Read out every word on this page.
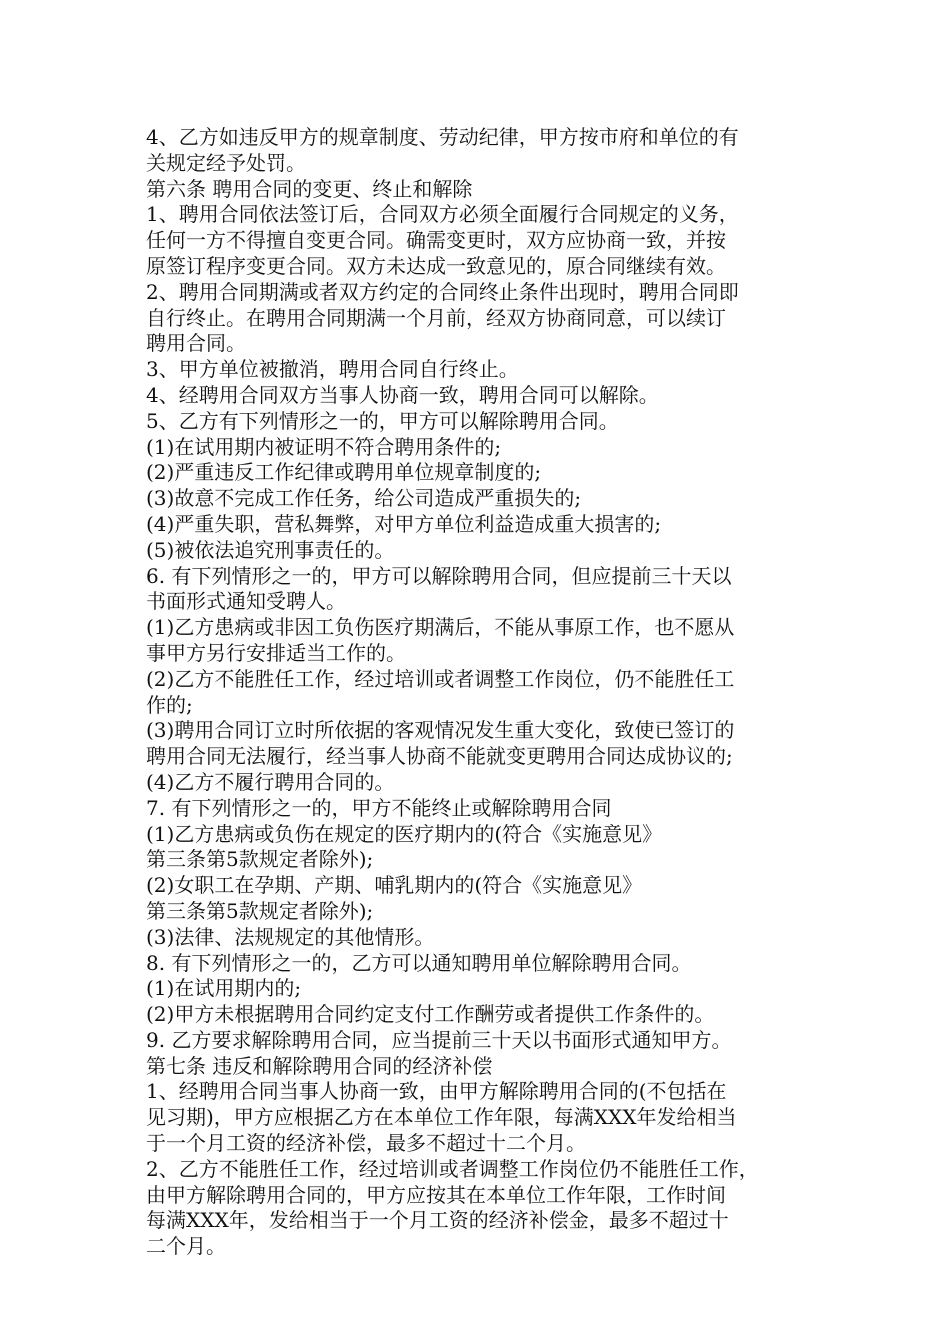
4、乙方如违反甲方的规章制度、劳动纪律，甲方按市府和单位的有
关规定经予处罚。
第六条 聘用合同的变更、终止和解除
1、聘用合同依法签订后，合同双方必须全面履行合同规定的义务，
任何一方不得擅自变更合同。确需变更时，双方应协商一致，并按
原签订程序变更合同。双方未达成一致意见的，原合同继续有效。
2、聘用合同期满或者双方约定的合同终止条件出现时，聘用合同即
自行终止。在聘用合同期满一个月前，经双方协商同意，可以续订
聘用合同。
3、甲方单位被撤消，聘用合同自行终止。
4、经聘用合同双方当事人协商一致，聘用合同可以解除。
5、乙方有下列情形之一的，甲方可以解除聘用合同。
(1)在试用期内被证明不符合聘用条件的;
(2)严重违反工作纪律或聘用单位规章制度的;
(3)故意不完成工作任务，给公司造成严重损失的;
(4)严重失职，营私舞弊，对甲方单位利益造成重大损害的;
(5)被依法追究刑事责任的。
6. 有下列情形之一的，甲方可以解除聘用合同，但应提前三十天以
书面形式通知受聘人。
(1)乙方患病或非因工负伤医疗期满后，不能从事原工作，也不愿从
事甲方另行安排适当工作的。
(2)乙方不能胜任工作，经过培训或者调整工作岗位，仍不能胜任工
作的;
(3)聘用合同订立时所依据的客观情况发生重大变化，致使已签订的
聘用合同无法履行，经当事人协商不能就变更聘用合同达成协议的;
(4)乙方不履行聘用合同的。
7. 有下列情形之一的，甲方不能终止或解除聘用合同
(1)乙方患病或负伤在规定的医疗期内的(符合《实施意见》
第三条第5款规定者除外);
(2)女职工在孕期、产期、哺乳期内的(符合《实施意见》
第三条第5款规定者除外);
(3)法律、法规规定的其他情形。
8. 有下列情形之一的，乙方可以通知聘用单位解除聘用合同。
(1)在试用期内的;
(2)甲方未根据聘用合同约定支付工作酬劳或者提供工作条件的。
9. 乙方要求解除聘用合同，应当提前三十天以书面形式通知甲方。
第七条 违反和解除聘用合同的经济补偿
1、经聘用合同当事人协商一致，由甲方解除聘用合同的(不包括在
见习期)，甲方应根据乙方在本单位工作年限，每满XXX年发给相当
于一个月工资的经济补偿，最多不超过十二个月。
2、乙方不能胜任工作，经过培训或者调整工作岗位仍不能胜任工作，
由甲方解除聘用合同的，甲方应按其在本单位工作年限，工作时间
每满XXX年，发给相当于一个月工资的经济补偿金，最多不超过十
二个月。
